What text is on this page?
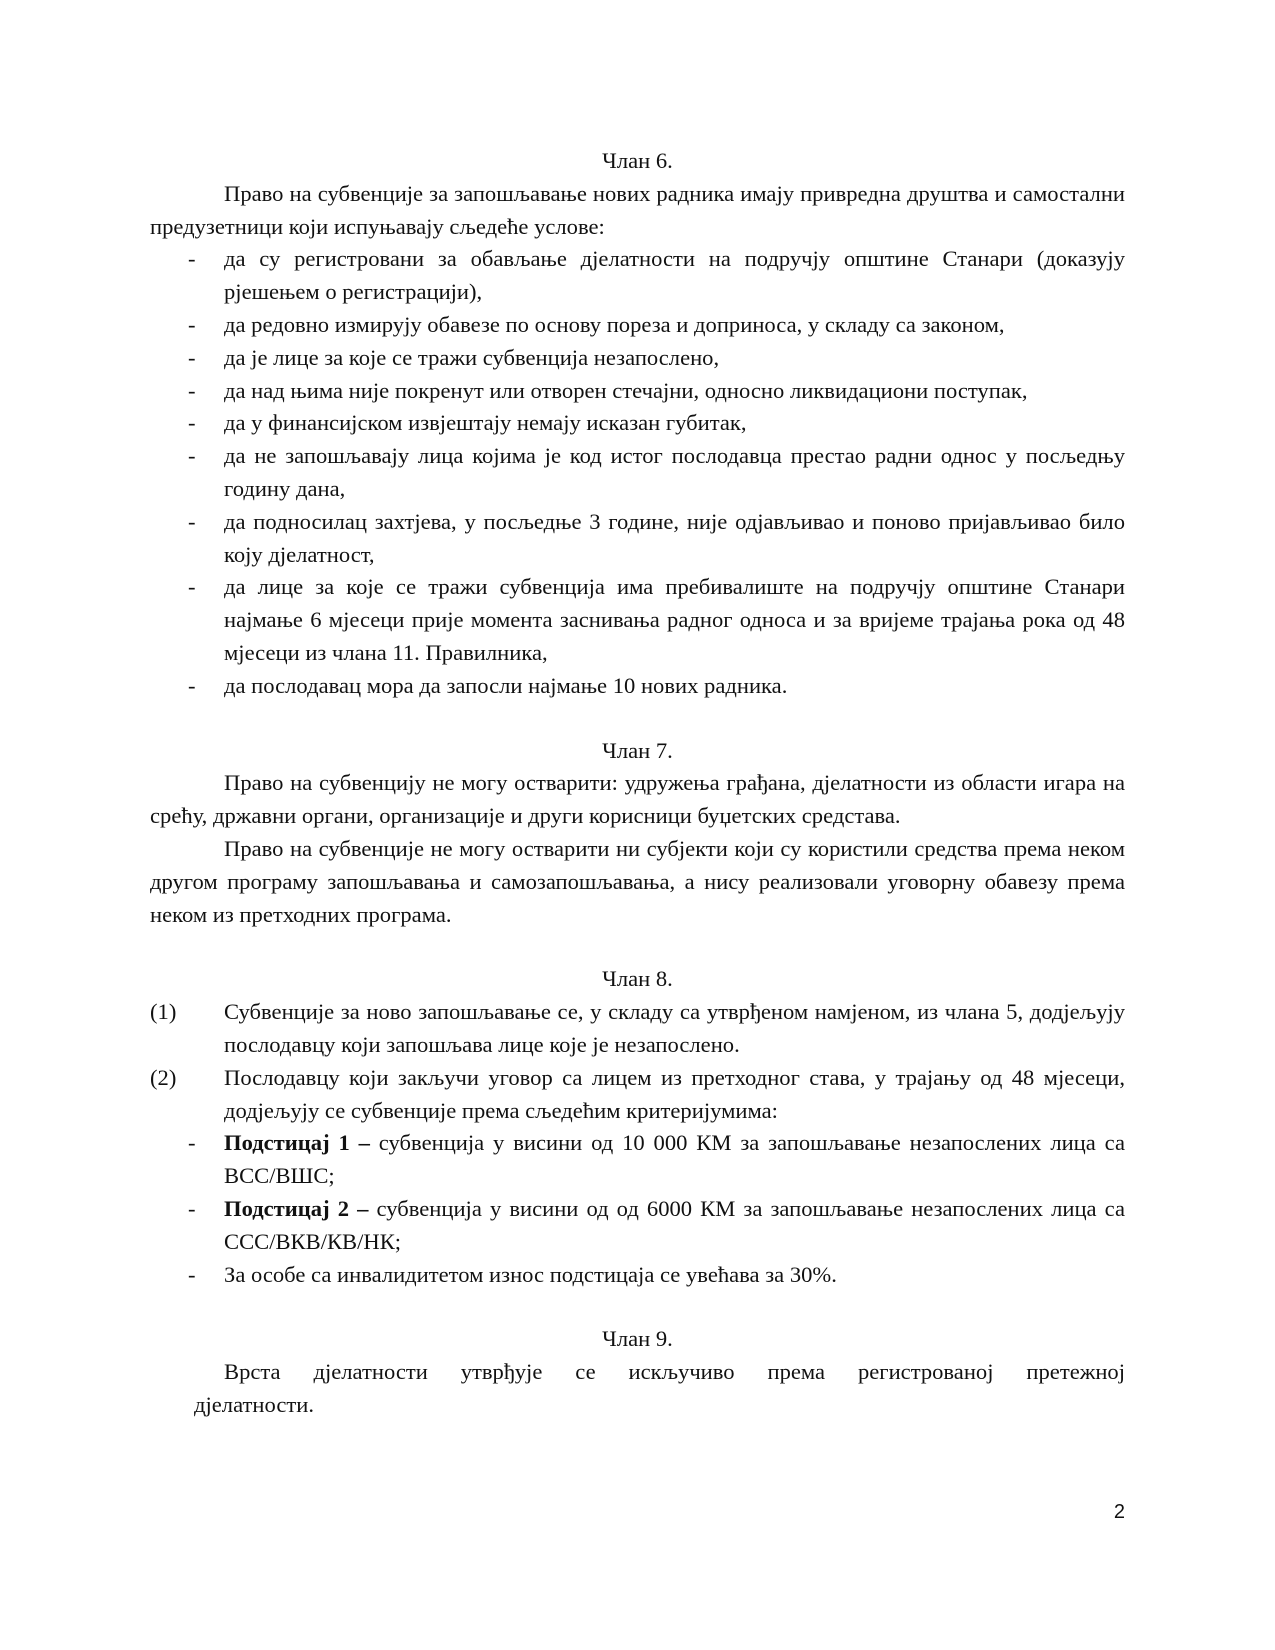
Члан 6.

Право на субвенције за запошљавање нових радника имају привредна друштва и самостални предузетници који испуњавају сљедеће услове:

- да су регистровани за обављање дјелатности на подручју општине Станари (доказују рјешењем о регистрацији),
- да редовно измирују обавезе по основу пореза и доприноса, у складу са законом,
- да је лице за које се тражи субвенција незапослено,
- да над њима није покренут или отворен стечајни, односно ликвидациони поступак,
- да у финансијском извјештају немају исказан губитак,
- да не запошљавају лица којима је код истог послодавца престао радни однос у посљедњу годину дана,
- да подносилац захтјева, у посљедње 3 године, није одјављивао и поново пријављивао било коју дјелатност,
- да лице за које се тражи субвенција има пребивалиште на подручју општине Станари најмање 6 мјесеци прије момента заснивања радног односа и за вријеме трајања рока од 48 мјесеци из члана 11. Правилника,
- да послодавац мора да запосли најмање 10 нових радника.

Члан 7.

Право на субвенцију не могу остварити: удружења грађана, дјелатности из области игара на срећу, државни органи, организације и други корисници буџетских средстава.

Право на субвенције не могу остварити ни субјекти који су користили средства према неком другом програму запошљавања и самозапошљавања, а нису реализовали уговорну обавезу према неком из претходних програма.

Члан 8.

(1) Субвенције за ново запошљавање се, у складу са утврђеном намјеном, из члана 5, додјељују послодавцу који запошљава лице које је незапослено.

(2) Послодавцу који закључи уговор са лицем из претходног става, у трајању од 48 мјесеци, додјељују се субвенције према сљедећим критеријумима:

- Подстицај 1 – субвенција у висини од 10 000 КМ за запошљавање незапослених лица са ВСС/ВШС;
- Подстицај 2 – субвенција у висини од од 6000 КМ за запошљавање незапослених лица са ССС/ВКВ/КВ/НК;
- За особе са инвалидитетом износ подстицаја се увећава за 30%.

Члан 9.

Врста дјелатности утврђује се искључиво према регистрованој претежној

дјелатности.

2
